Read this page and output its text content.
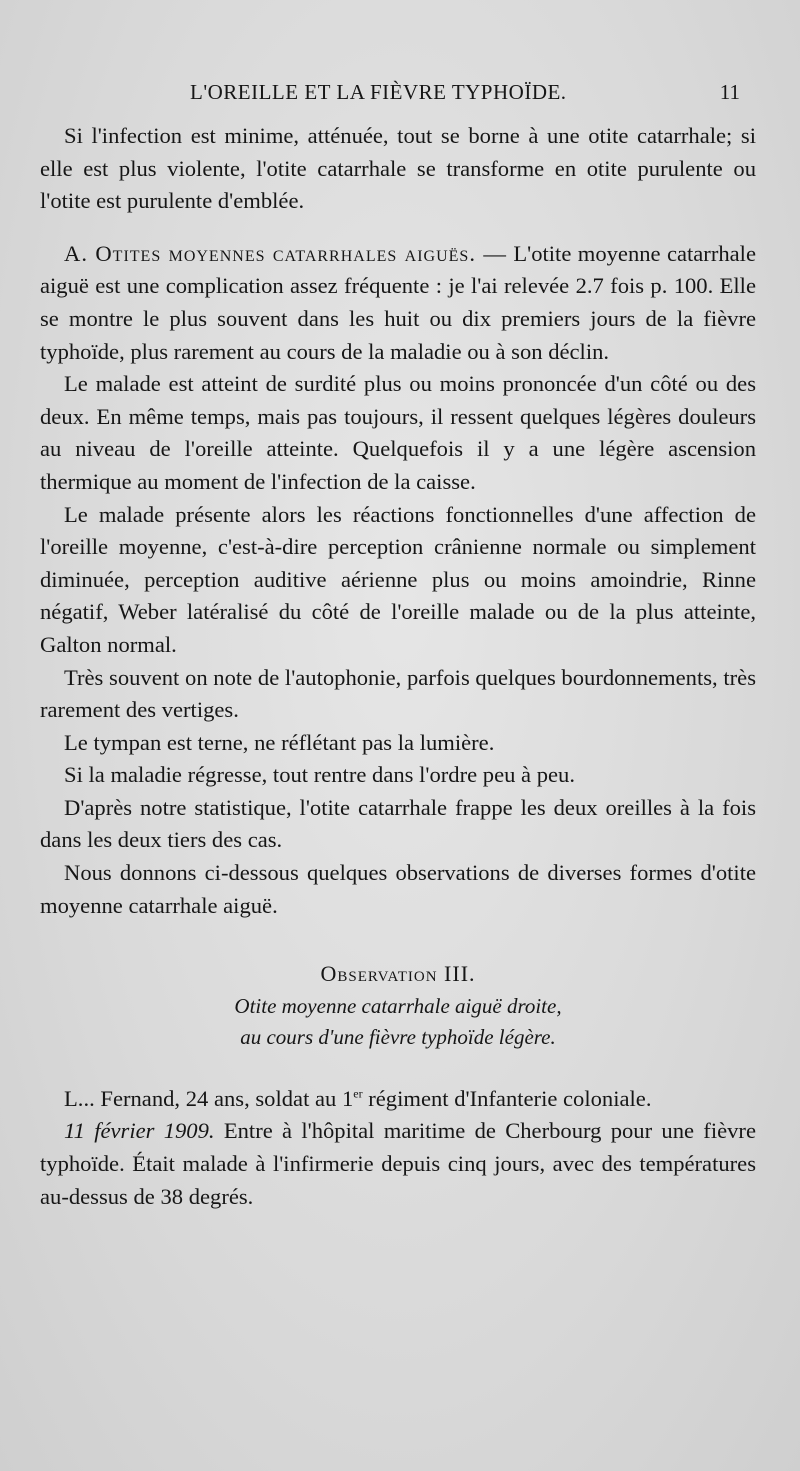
L'OREILLE ET LA FIÈVRE TYPHOÏDE.	11

Si l'infection est minime, atténuée, tout se borne à une otite catarrhale; si elle est plus violente, l'otite catarrhale se transforme en otite purulente ou l'otite est purulente d'emblée.

A. Otites moyennes catarrhales aiguës. — L'otite moyenne catarrhale aiguë est une complication assez fréquente : je l'ai relevée 2.7 fois p. 100. Elle se montre le plus souvent dans les huit ou dix premiers jours de la fièvre typhoïde, plus rarement au cours de la maladie ou à son déclin.

Le malade est atteint de surdité plus ou moins prononcée d'un côté ou des deux. En même temps, mais pas toujours, il ressent quelques légères douleurs au niveau de l'oreille atteinte. Quelquefois il y a une légère ascension thermique au moment de l'infection de la caisse.

Le malade présente alors les réactions fonctionnelles d'une affection de l'oreille moyenne, c'est-à-dire perception crânienne normale ou simplement diminuée, perception auditive aérienne plus ou moins amoindrie, Rinne négatif, Weber latéralisé du côté de l'oreille malade ou de la plus atteinte, Galton normal.

Très souvent on note de l'autophonie, parfois quelques bourdonnements, très rarement des vertiges.

Le tympan est terne, ne réflétant pas la lumière.

Si la maladie régresse, tout rentre dans l'ordre peu à peu.

D'après notre statistique, l'otite catarrhale frappe les deux oreilles à la fois dans les deux tiers des cas.

Nous donnons ci-dessous quelques observations de diverses formes d'otite moyenne catarrhale aiguë.

Observation III.

Otite moyenne catarrhale aiguë droite,

au cours d'une fièvre typhoïde légère.

L... Fernand, 24 ans, soldat au 1er régiment d'Infanterie coloniale.

11 février 1909. Entre à l'hôpital maritime de Cherbourg pour une fièvre typhoïde. Était malade à l'infirmerie depuis cinq jours, avec des températures au-dessus de 38 degrés.
